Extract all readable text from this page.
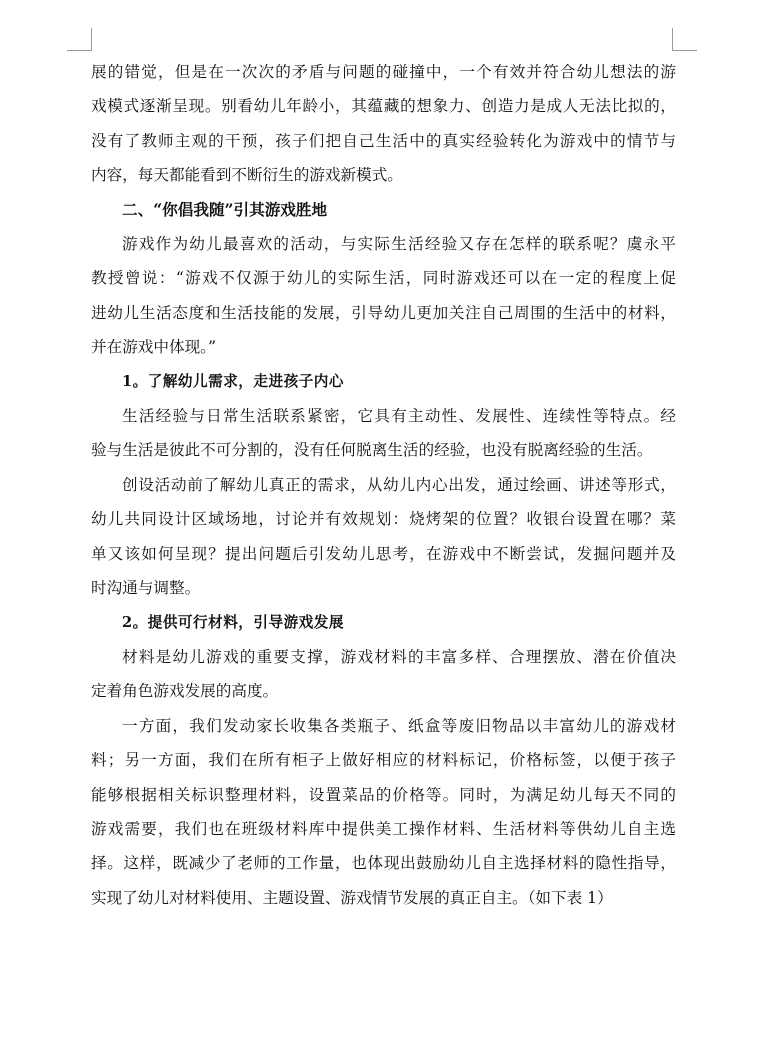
展的错觉，但是在一次次的矛盾与问题的碰撞中，一个有效并符合幼儿想法的游
戏模式逐渐呈现。别看幼儿年龄小，其蕴藏的想象力、创造力是成人无法比拟的，
没有了教师主观的干预，孩子们把自己生活中的真实经验转化为游戏中的情节与
内容，每天都能看到不断衍生的游戏新模式。

二、“你倡我随”引其游戏胜地

游戏作为幼儿最喜欢的活动，与实际生活经验又存在怎样的联系呢？虞永平
教授曾说：“游戏不仅源于幼儿的实际生活，同时游戏还可以在一定的程度上促
进幼儿生活态度和生活技能的发展，引导幼儿更加关注自己周围的生活中的材料，
并在游戏中体现。”

1。了解幼儿需求，走进孩子内心

生活经验与日常生活联系紧密，它具有主动性、发展性、连续性等特点。经
验与生活是彼此不可分割的，没有任何脱离生活的经验，也没有脱离经验的生活。

创设活动前了解幼儿真正的需求，从幼儿内心出发，通过绘画、讲述等形式，
幼儿共同设计区域场地，讨论并有效规划：烧烤架的位置？收银台设置在哪？菜
单又该如何呈现？提出问题后引发幼儿思考，在游戏中不断尝试，发掘问题并及
时沟通与调整。

2。提供可行材料，引导游戏发展

材料是幼儿游戏的重要支撑，游戏材料的丰富多样、合理摆放、潜在价值决
定着角色游戏发展的高度。

一方面，我们发动家长收集各类瓶子、纸盒等废旧物品以丰富幼儿的游戏材
料；另一方面，我们在所有柜子上做好相应的材料标记，价格标签，以便于孩子
能够根据相关标识整理材料，设置菜品的价格等。同时，为满足幼儿每天不同的
游戏需要，我们也在班级材料库中提供美工操作材料、生活材料等供幼儿自主选
择。这样，既减少了老师的工作量，也体现出鼓励幼儿自主选择材料的隐性指导，
实现了幼儿对材料使用、主题设置、游戏情节发展的真正自主。（如下表 1）
